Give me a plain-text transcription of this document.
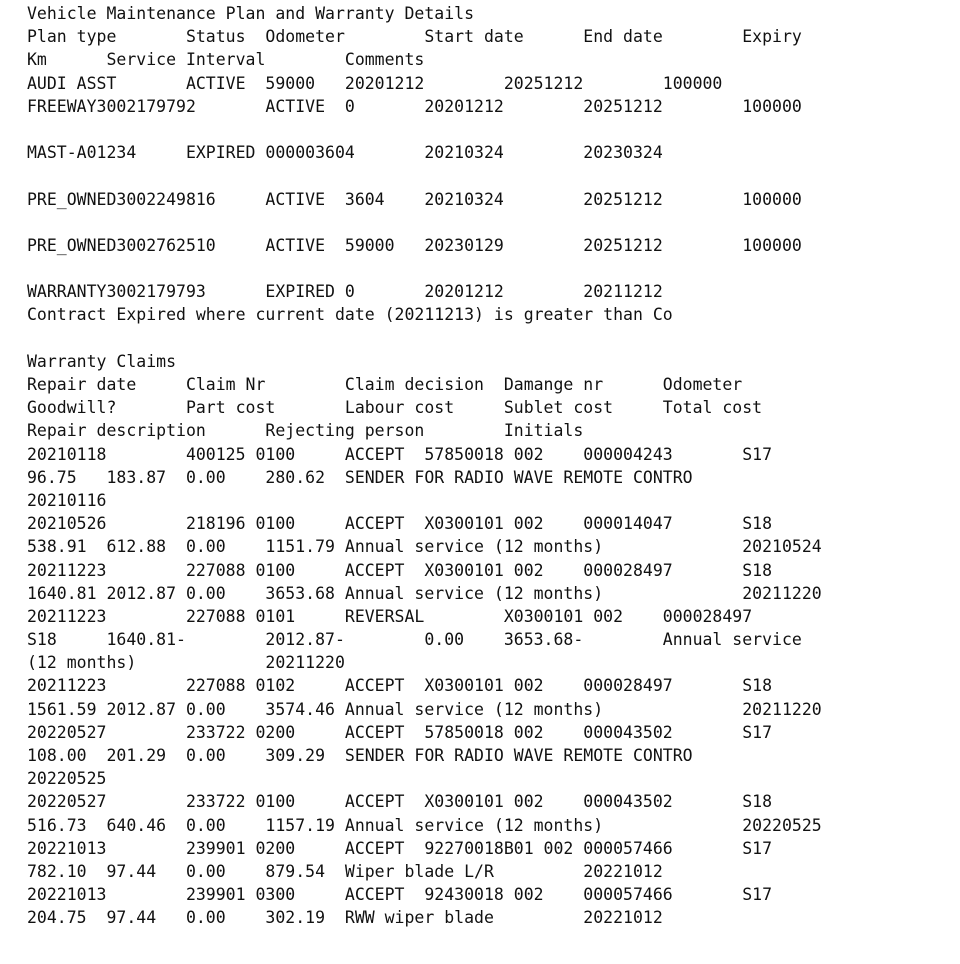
Vehicle Maintenance Plan and Warranty Details
Plan type       Status  Odometer        Start date      End date        Expiry
Km      Service Interval        Comments
AUDI ASST       ACTIVE  59000   20201212        20251212        100000
FREEWAY3002179792       ACTIVE  0       20201212        20251212        100000
MAST-A01234     EXPIRED 000003604       20210324        20230324
PRE_OWNED3002249816     ACTIVE  3604    20210324        20251212        100000
PRE_OWNED3002762510     ACTIVE  59000   20230129        20251212        100000
WARRANTY3002179793      EXPIRED 0       20201212        20211212
Contract Expired where current date (20211213) is greater than Co
Warranty Claims
Repair date     Claim Nr        Claim decision  Damange nr      Odometer
Goodwill?       Part cost       Labour cost     Sublet cost     Total cost
Repair description      Rejecting person        Initials
20210118        400125 0100     ACCEPT  57850018 002    000004243       S17
96.75   183.87  0.00    280.62  SENDER FOR RADIO WAVE REMOTE CONTRO
20210116
20210526        218196 0100     ACCEPT  X0300101 002    000014047       S18
538.91  612.88  0.00    1151.79 Annual service (12 months)              20210524
20211223        227088 0100     ACCEPT  X0300101 002    000028497       S18
1640.81 2012.87 0.00    3653.68 Annual service (12 months)              20211220
20211223        227088 0101     REVERSAL        X0300101 002    000028497
S18     1640.81-        2012.87-        0.00    3653.68-        Annual service
(12 months)             20211220
20211223        227088 0102     ACCEPT  X0300101 002    000028497       S18
1561.59 2012.87 0.00    3574.46 Annual service (12 months)              20211220
20220527        233722 0200     ACCEPT  57850018 002    000043502       S17
108.00  201.29  0.00    309.29  SENDER FOR RADIO WAVE REMOTE CONTRO
20220525
20220527        233722 0100     ACCEPT  X0300101 002    000043502       S18
516.73  640.46  0.00    1157.19 Annual service (12 months)              20220525
20221013        239901 0200     ACCEPT  92270018B01 002 000057466       S17
782.10  97.44   0.00    879.54  Wiper blade L/R         20221012
20221013        239901 0300     ACCEPT  92430018 002    000057466       S17
204.75  97.44   0.00    302.19  RWW wiper blade         20221012
